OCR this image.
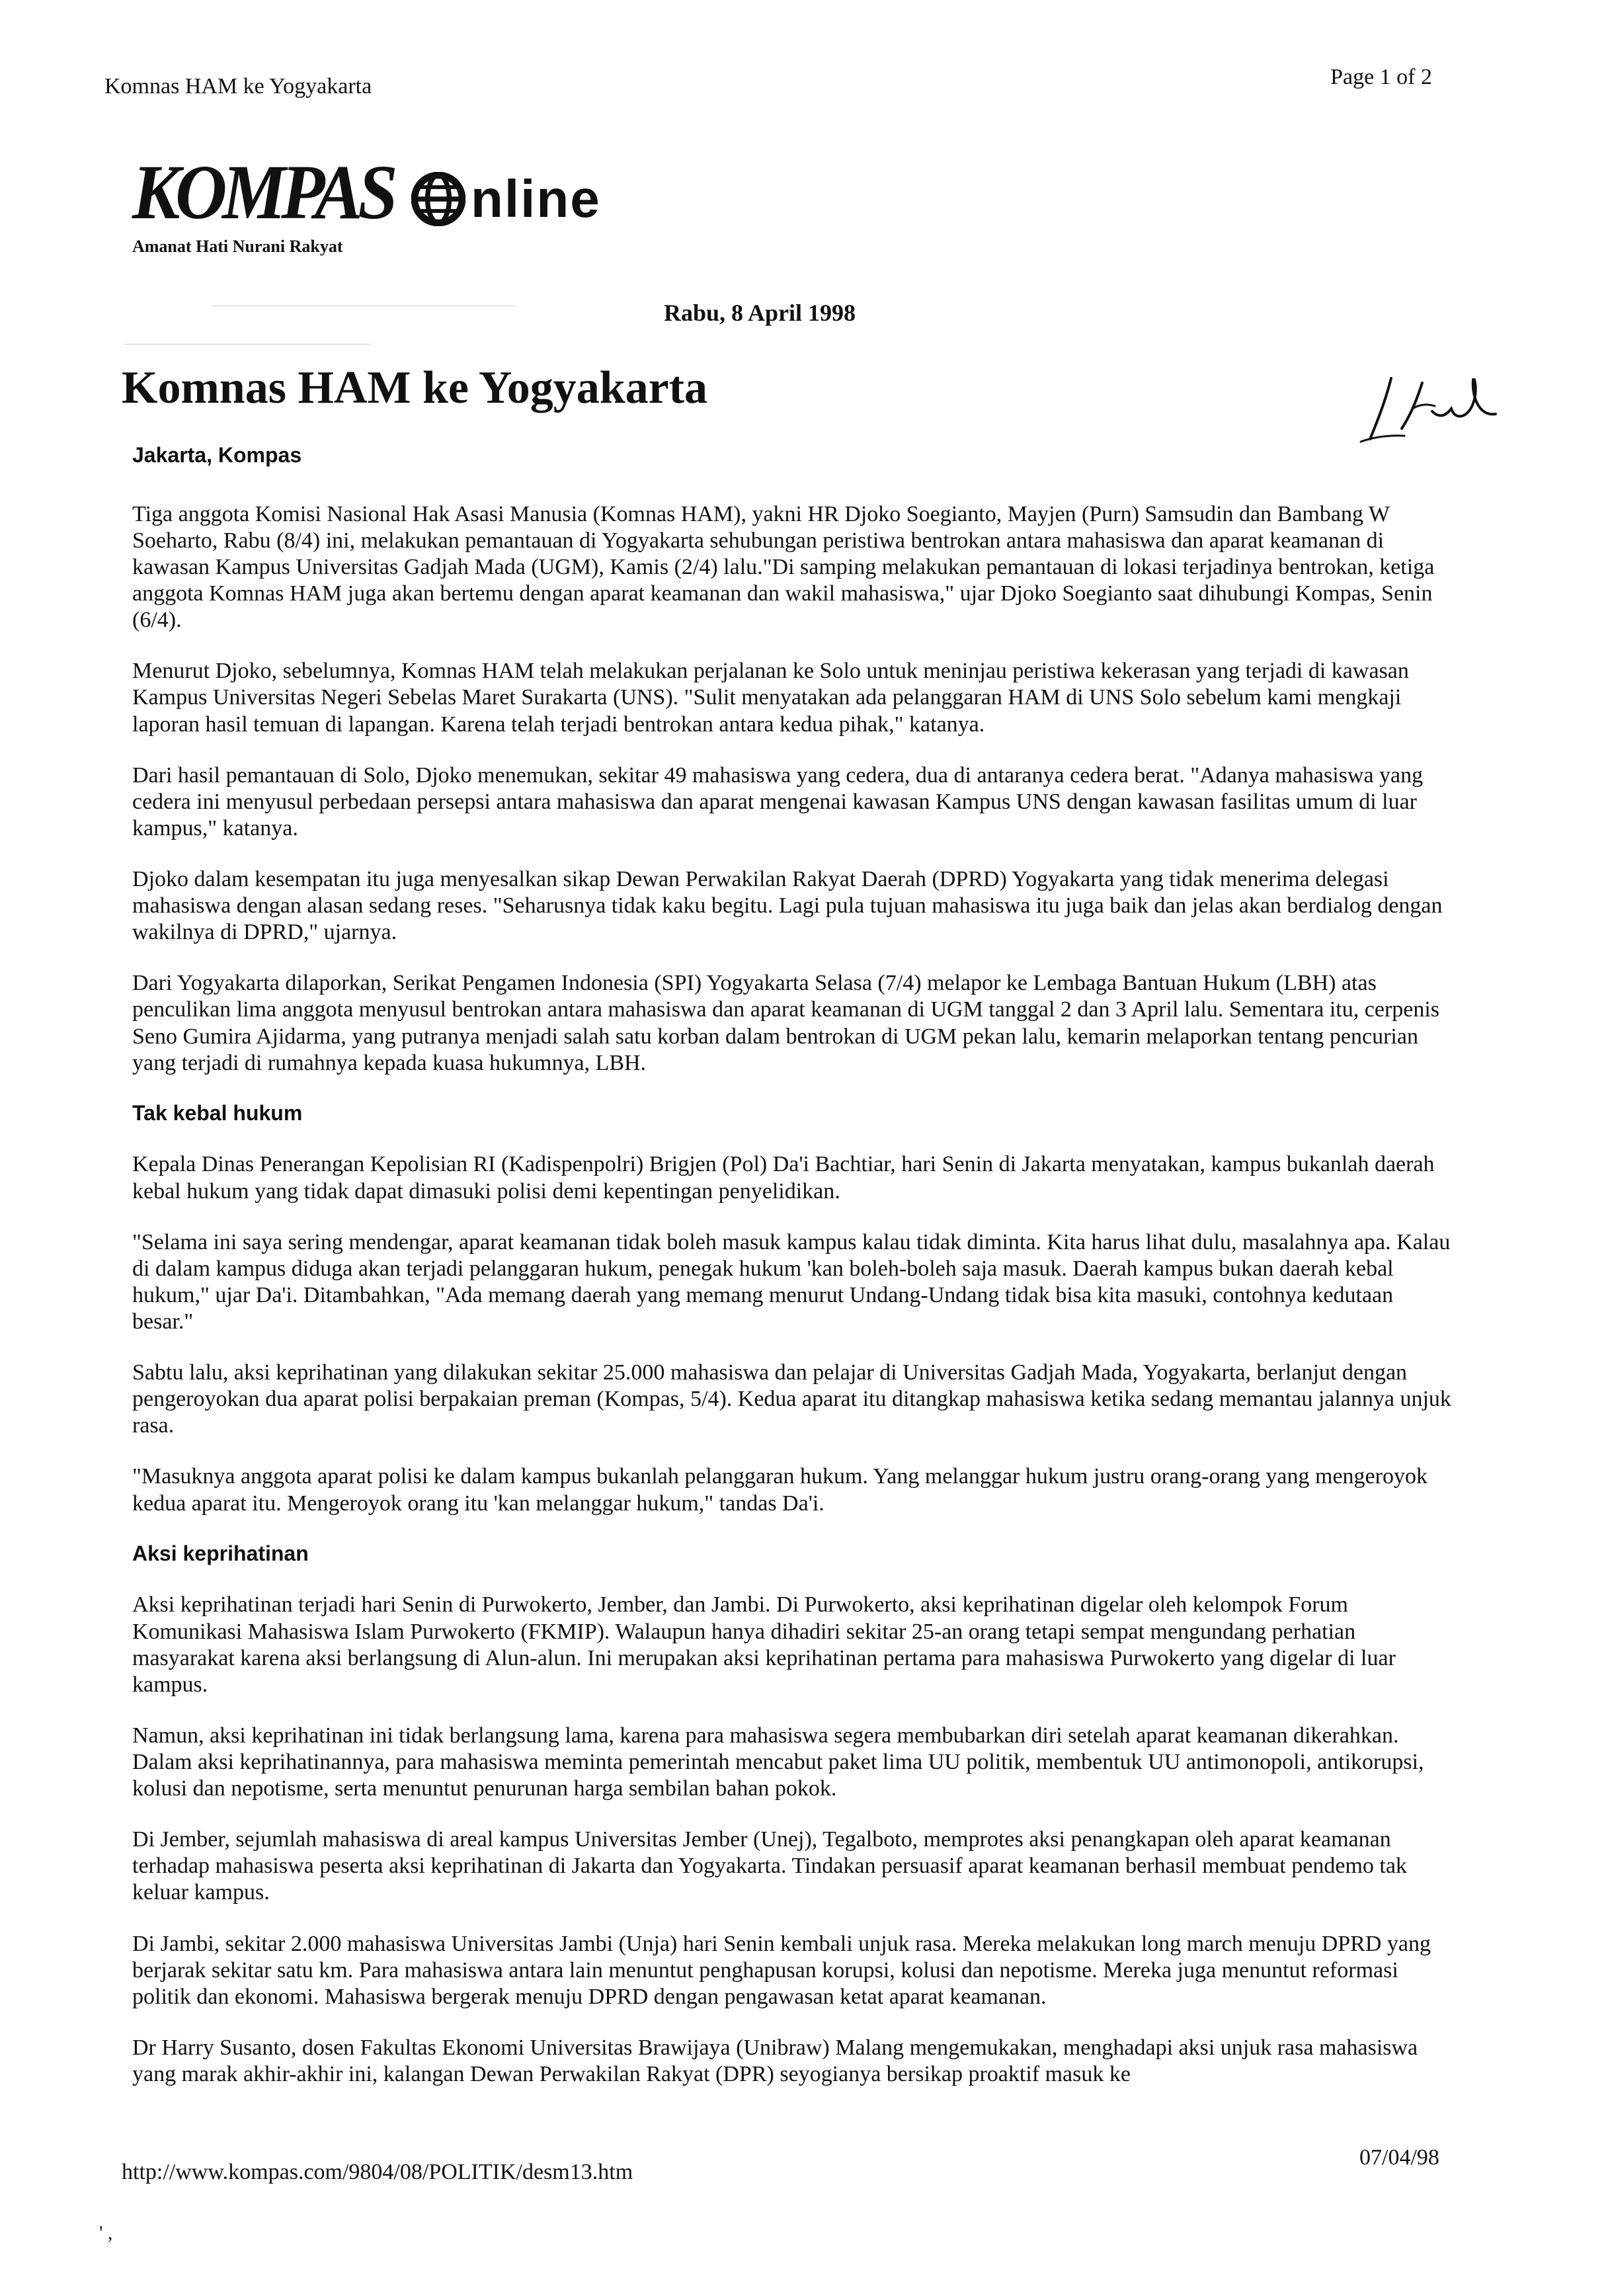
Komnas HAM ke Yogyakarta	Page 1 of 2
KOMPAS nline
Amanat Hati Nurani Rakyat
Rabu, 8 April 1998
Komnas HAM ke Yogyakarta
Jakarta, Kompas

Tiga anggota Komisi Nasional Hak Asasi Manusia (Komnas HAM), yakni HR Djoko Soegianto, Mayjen (Purn) Samsudin dan Bambang W Soeharto, Rabu (8/4) ini, melakukan pemantauan di Yogyakarta sehubungan peristiwa bentrokan antara mahasiswa dan aparat keamanan di kawasan Kampus Universitas Gadjah Mada (UGM), Kamis (2/4) lalu."Di samping melakukan pemantauan di lokasi terjadinya bentrokan, ketiga anggota Komnas HAM juga akan bertemu dengan aparat keamanan dan wakil mahasiswa," ujar Djoko Soegianto saat dihubungi Kompas, Senin (6/4).

Menurut Djoko, sebelumnya, Komnas HAM telah melakukan perjalanan ke Solo untuk meninjau peristiwa kekerasan yang terjadi di kawasan Kampus Universitas Negeri Sebelas Maret Surakarta (UNS). "Sulit menyatakan ada pelanggaran HAM di UNS Solo sebelum kami mengkaji laporan hasil temuan di lapangan. Karena telah terjadi bentrokan antara kedua pihak," katanya.

Dari hasil pemantauan di Solo, Djoko menemukan, sekitar 49 mahasiswa yang cedera, dua di antaranya cedera berat. "Adanya mahasiswa yang cedera ini menyusul perbedaan persepsi antara mahasiswa dan aparat mengenai kawasan Kampus UNS dengan kawasan fasilitas umum di luar kampus," katanya.

Djoko dalam kesempatan itu juga menyesalkan sikap Dewan Perwakilan Rakyat Daerah (DPRD) Yogyakarta yang tidak menerima delegasi mahasiswa dengan alasan sedang reses. "Seharusnya tidak kaku begitu. Lagi pula tujuan mahasiswa itu juga baik dan jelas akan berdialog dengan wakilnya di DPRD," ujarnya.

Dari Yogyakarta dilaporkan, Serikat Pengamen Indonesia (SPI) Yogyakarta Selasa (7/4) melapor ke Lembaga Bantuan Hukum (LBH) atas penculikan lima anggota menyusul bentrokan antara mahasiswa dan aparat keamanan di UGM tanggal 2 dan 3 April lalu. Sementara itu, cerpenis Seno Gumira Ajidarma, yang putranya menjadi salah satu korban dalam bentrokan di UGM pekan lalu, kemarin melaporkan tentang pencurian yang terjadi di rumahnya kepada kuasa hukumnya, LBH.

Tak kebal hukum

Kepala Dinas Penerangan Kepolisian RI (Kadispenpolri) Brigjen (Pol) Da'i Bachtiar, hari Senin di Jakarta menyatakan, kampus bukanlah daerah kebal hukum yang tidak dapat dimasuki polisi demi kepentingan penyelidikan.

"Selama ini saya sering mendengar, aparat keamanan tidak boleh masuk kampus kalau tidak diminta. Kita harus lihat dulu, masalahnya apa. Kalau di dalam kampus diduga akan terjadi pelanggaran hukum, penegak hukum 'kan boleh-boleh saja masuk. Daerah kampus bukan daerah kebal hukum," ujar Da'i. Ditambahkan, "Ada memang daerah yang memang menurut Undang-Undang tidak bisa kita masuki, contohnya kedutaan besar."

Sabtu lalu, aksi keprihatinan yang dilakukan sekitar 25.000 mahasiswa dan pelajar di Universitas Gadjah Mada, Yogyakarta, berlanjut dengan pengeroyokan dua aparat polisi berpakaian preman (Kompas, 5/4). Kedua aparat itu ditangkap mahasiswa ketika sedang memantau jalannya unjuk rasa.

"Masuknya anggota aparat polisi ke dalam kampus bukanlah pelanggaran hukum. Yang melanggar hukum justru orang-orang yang mengeroyok kedua aparat itu. Mengeroyok orang itu 'kan melanggar hukum," tandas Da'i.

Aksi keprihatinan

Aksi keprihatinan terjadi hari Senin di Purwokerto, Jember, dan Jambi. Di Purwokerto, aksi keprihatinan digelar oleh kelompok Forum Komunikasi Mahasiswa Islam Purwokerto (FKMIP). Walaupun hanya dihadiri sekitar 25-an orang tetapi sempat mengundang perhatian masyarakat karena aksi berlangsung di Alun-alun. Ini merupakan aksi keprihatinan pertama para mahasiswa Purwokerto yang digelar di luar kampus.

Namun, aksi keprihatinan ini tidak berlangsung lama, karena para mahasiswa segera membubarkan diri setelah aparat keamanan dikerahkan. Dalam aksi keprihatinannya, para mahasiswa meminta pemerintah mencabut paket lima UU politik, membentuk UU antimonopoli, antikorupsi, kolusi dan nepotisme, serta menuntut penurunan harga sembilan bahan pokok.

Di Jember, sejumlah mahasiswa di areal kampus Universitas Jember (Unej), Tegalboto, memprotes aksi penangkapan oleh aparat keamanan terhadap mahasiswa peserta aksi keprihatinan di Jakarta dan Yogyakarta. Tindakan persuasif aparat keamanan berhasil membuat pendemo tak keluar kampus.

Di Jambi, sekitar 2.000 mahasiswa Universitas Jambi (Unja) hari Senin kembali unjuk rasa. Mereka melakukan long march menuju DPRD yang berjarak sekitar satu km. Para mahasiswa antara lain menuntut penghapusan korupsi, kolusi dan nepotisme. Mereka juga menuntut reformasi politik dan ekonomi. Mahasiswa bergerak menuju DPRD dengan pengawasan ketat aparat keamanan.

Dr Harry Susanto, dosen Fakultas Ekonomi Universitas Brawijaya (Unibraw) Malang mengemukakan, menghadapi aksi unjuk rasa mahasiswa yang marak akhir-akhir ini, kalangan Dewan Perwakilan Rakyat (DPR) seyogianya bersikap proaktif masuk ke

http://www.kompas.com/9804/08/POLITIK/desm13.htm
07/04/98
' ,
